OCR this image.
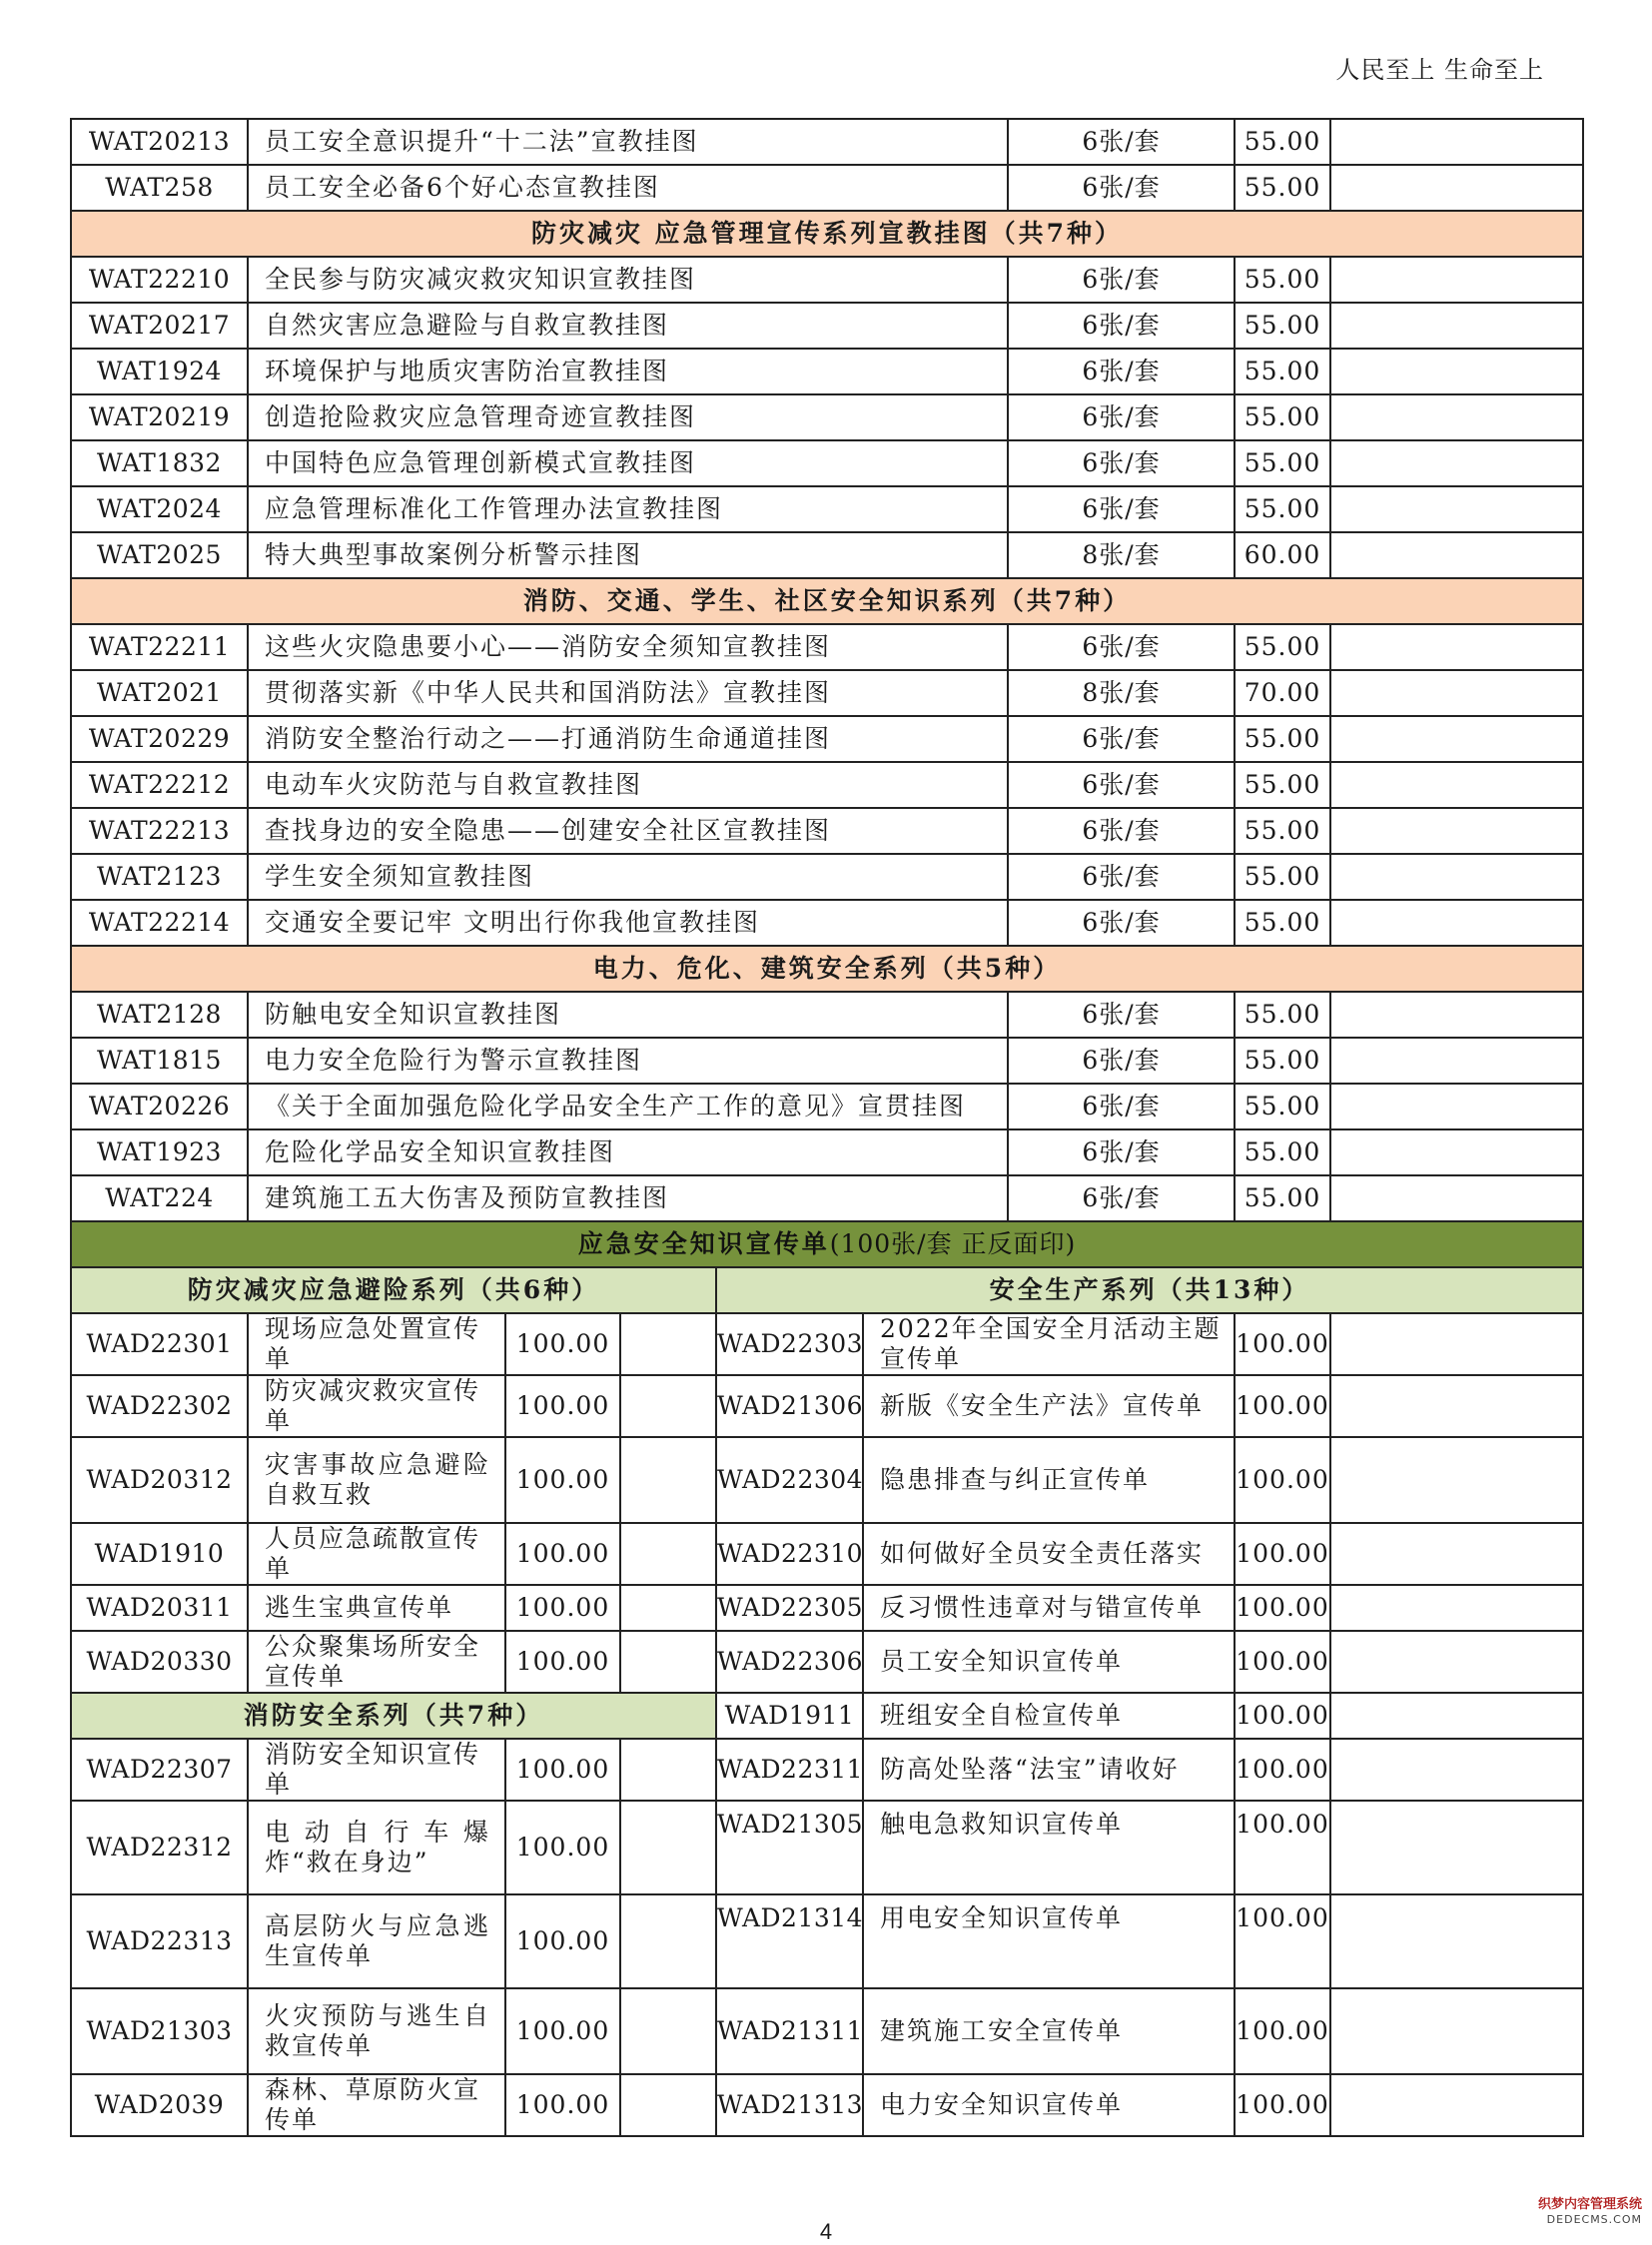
人民至上 生命至上
WAT20213	员工安全意识提升“十二法”宣教挂图					6张/套	55.00	
WAT258	员工安全必备6个好心态宣教挂图					6张/套	55.00	
防灾减灾 应急管理宣传系列宣教挂图（共7种）								
WAT22210	全民参与防灾减灾救灾知识宣教挂图					6张/套	55.00	
WAT20217	自然灾害应急避险与自救宣教挂图					6张/套	55.00	
WAT1924	环境保护与地质灾害防治宣教挂图					6张/套	55.00	
WAT20219	创造抢险救灾应急管理奇迹宣教挂图					6张/套	55.00	
WAT1832	中国特色应急管理创新模式宣教挂图					6张/套	55.00	
WAT2024	应急管理标准化工作管理办法宣教挂图					6张/套	55.00	
WAT2025	特大典型事故案例分析警示挂图					8张/套	60.00	
消防、交通、学生、社区安全知识系列（共7种）								
WAT22211	这些火灾隐患要小心——消防安全须知宣教挂图					6张/套	55.00	
WAT2021	贯彻落实新《中华人民共和国消防法》宣教挂图					8张/套	70.00	
WAT20229	消防安全整治行动之——打通消防生命通道挂图					6张/套	55.00	
WAT22212	电动车火灾防范与自救宣教挂图					6张/套	55.00	
WAT22213	查找身边的安全隐患——创建安全社区宣教挂图					6张/套	55.00	
WAT2123	学生安全须知宣教挂图					6张/套	55.00	
WAT22214	交通安全要记牢 文明出行你我他宣教挂图					6张/套	55.00	
电力、危化、建筑安全系列（共5种）								
WAT2128	防触电安全知识宣教挂图					6张/套	55.00	
WAT1815	电力安全危险行为警示宣教挂图					6张/套	55.00	
WAT20226	《关于全面加强危险化学品安全生产工作的意见》宣贯挂图					6张/套	55.00	
WAT1923	危险化学品安全知识宣教挂图					6张/套	55.00	
WAT224	建筑施工五大伤害及预防宣教挂图					6张/套	55.00	
应急安全知识宣传单(100张/套 正反面印)								
防灾减灾应急避险系列（共6种）				安全生产系列（共13种）				
WAD22301	现场应急处置宣传单	100.00		WAD22303	2022年全国安全月活动主题宣传单		100.00	
WAD22302	防灾减灾救灾宣传单	100.00		WAD21306	新版《安全生产法》宣传单		100.00	
WAD20312	灾害事故应急避险自救互救	100.00		WAD22304	隐患排查与纠正宣传单		100.00	
WAD1910	人员应急疏散宣传单	100.00		WAD22310	如何做好全员安全责任落实		100.00	
WAD20311	逃生宝典宣传单	100.00		WAD22305	反习惯性违章对与错宣传单		100.00	
WAD20330	公众聚集场所安全宣传单	100.00		WAD22306	员工安全知识宣传单		100.00	
消防安全系列（共7种）				WAD1911	班组安全自检宣传单		100.00	
WAD22307	消防安全知识宣传单	100.00		WAD22311	防高处坠落“法宝”请收好		100.00	
WAD22312	电动自行车爆炸“救在身边”	100.00		WAD21305	触电急救知识宣传单		100.00	
WAD22313	高层防火与应急逃生宣传单	100.00		WAD21314	用电安全知识宣传单		100.00	
WAD21303	火灾预防与逃生自救宣传单	100.00		WAD21311	建筑施工安全宣传单		100.00	
WAD2039	森林、草原防火宣传单	100.00		WAD21313	电力安全知识宣传单		100.00	
4
织梦内容管理系统
DEDECMS.COM
